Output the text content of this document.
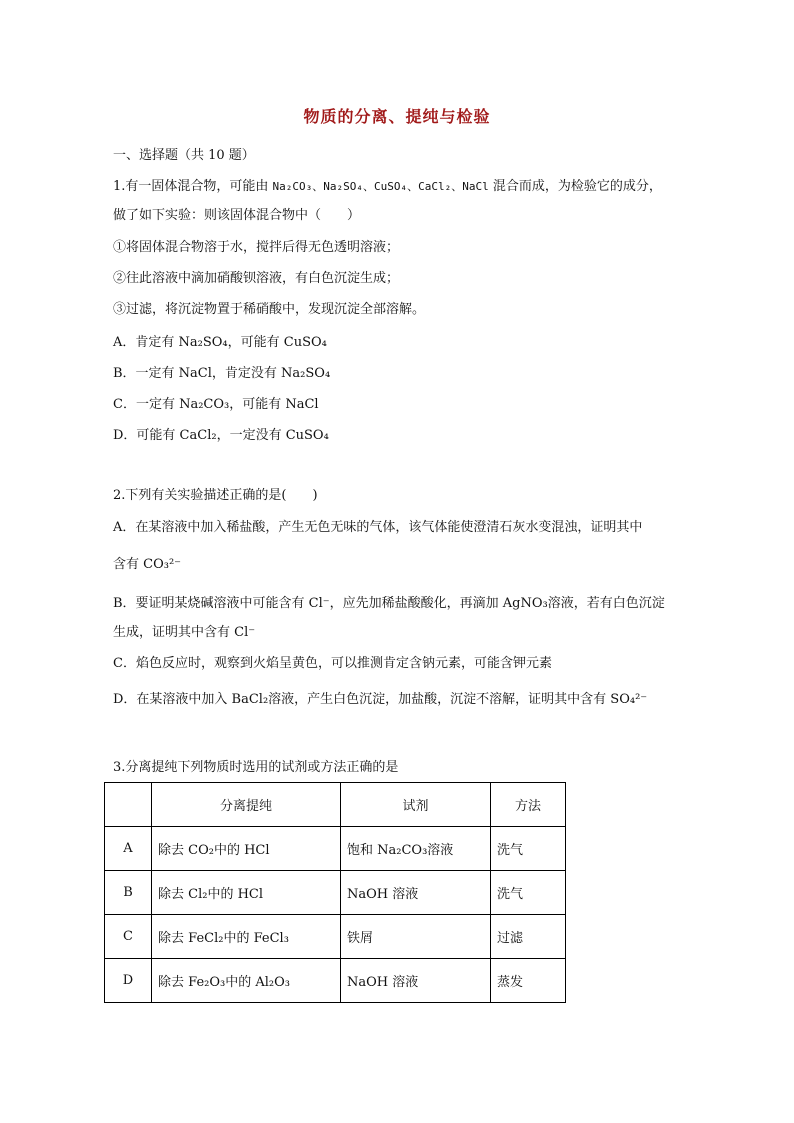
物质的分离、提纯与检验
一、选择题（共 10 题）
1.有一固体混合物，可能由 Na₂CO₃、Na₂SO₄、CuSO₄、CaCl₂、NaCl 混合而成，为检验它的成分，
做了如下实验：则该固体混合物中（　　）
①将固体混合物溶于水，搅拌后得无色透明溶液；
②往此溶液中滴加硝酸钡溶液，有白色沉淀生成；
③过滤，将沉淀物置于稀硝酸中，发现沉淀全部溶解。
A．肯定有 Na₂SO₄，可能有 CuSO₄
B．一定有 NaCl，肯定没有 Na₂SO₄
C．一定有 Na₂CO₃，可能有 NaCl
D．可能有 CaCl₂，一定没有 CuSO₄
2.下列有关实验描述正确的是(　　)
A．在某溶液中加入稀盐酸，产生无色无味的气体，该气体能使澄清石灰水变混浊，证明其中
含有 CO₃²⁻
B．要证明某烧碱溶液中可能含有 Cl⁻，应先加稀盐酸酸化，再滴加 AgNO₃溶液，若有白色沉淀
生成，证明其中含有 Cl⁻
C．焰色反应时，观察到火焰呈黄色，可以推测肯定含钠元素，可能含钾元素
D．在某溶液中加入 BaCl₂溶液，产生白色沉淀，加盐酸，沉淀不溶解，证明其中含有 SO₄²⁻
3.分离提纯下列物质时选用的试剂或方法正确的是
	分离提纯	试剂	方法
A	除去 CO₂中的 HCl	饱和 Na₂CO₃溶液	洗气
B	除去 Cl₂中的 HCl	NaOH 溶液	洗气
C	除去 FeCl₂中的 FeCl₃	铁屑	过滤
D	除去 Fe₂O₃中的 Al₂O₃	NaOH 溶液	蒸发
